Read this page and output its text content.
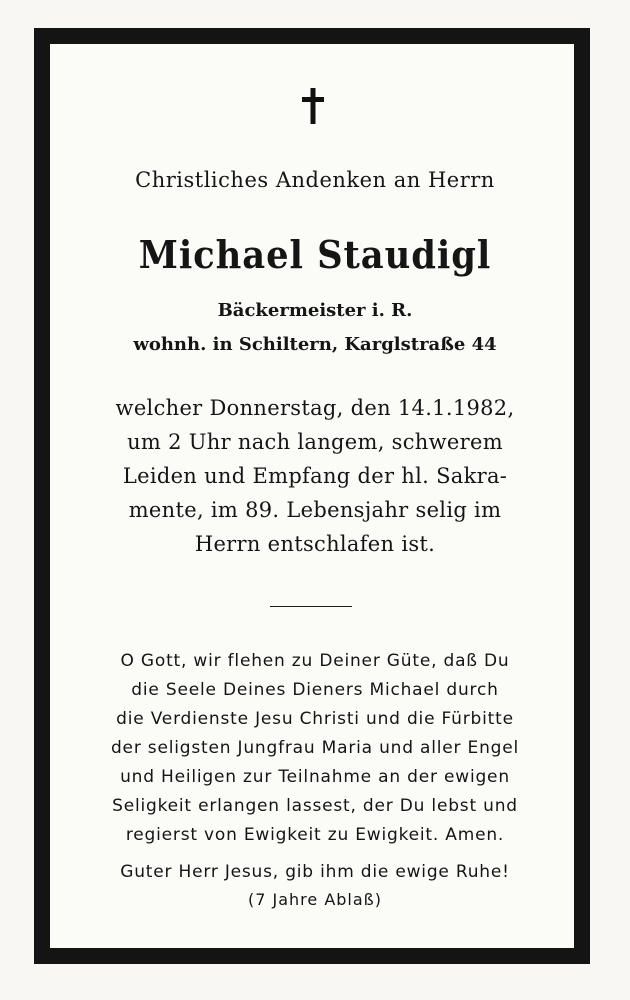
Christliches Andenken an Herrn
Michael Staudigl
Bäckermeister i. R.
wohnh. in Schiltern, Karglstraße 44
welcher Donnerstag, den 14.1.1982,
um 2 Uhr nach langem, schwerem
Leiden und Empfang der hl. Sakra-
mente, im 89. Lebensjahr selig im
Herrn entschlafen ist.
O Gott, wir flehen zu Deiner Güte, daß Du
die Seele Deines Dieners Michael durch
die Verdienste Jesu Christi und die Fürbitte
der seligsten Jungfrau Maria und aller Engel
und Heiligen zur Teilnahme an der ewigen
Seligkeit erlangen lassest, der Du lebst und
regierst von Ewigkeit zu Ewigkeit. Amen.
Guter Herr Jesus, gib ihm die ewige Ruhe!
(7 Jahre Ablaß)
